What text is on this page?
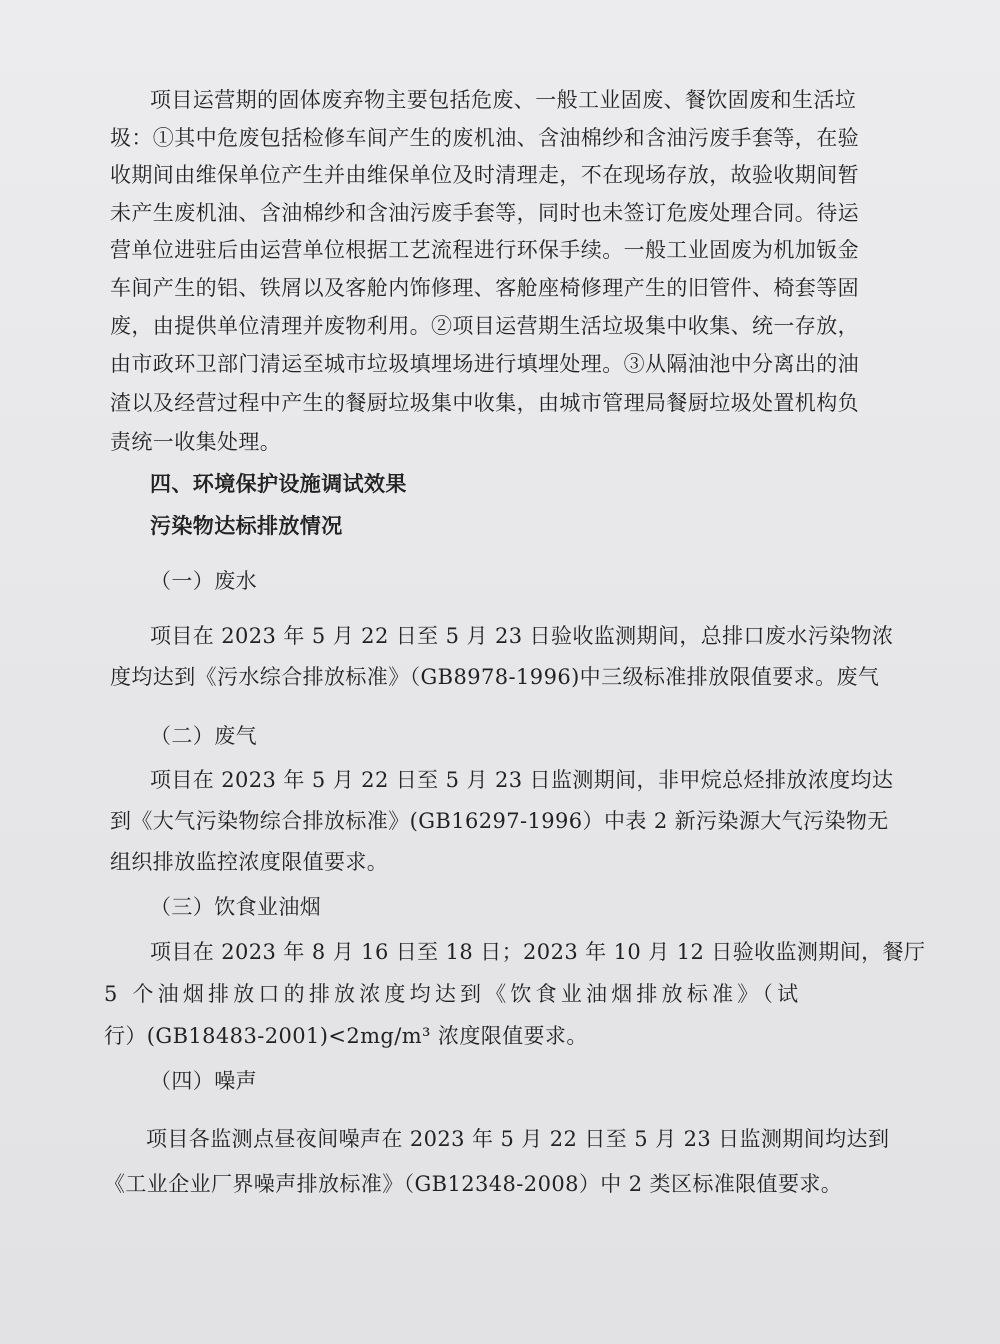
项目运营期的固体废弃物主要包括危废、一般工业固废、餐饮固废和生活垃
圾：①其中危废包括检修车间产生的废机油、含油棉纱和含油污废手套等，在验
收期间由维保单位产生并由维保单位及时清理走，不在现场存放，故验收期间暂
未产生废机油、含油棉纱和含油污废手套等，同时也未签订危废处理合同。待运
营单位进驻后由运营单位根据工艺流程进行环保手续。一般工业固废为机加钣金
车间产生的铝、铁屑以及客舱内饰修理、客舱座椅修理产生的旧管件、椅套等固
废，由提供单位清理并废物利用。②项目运营期生活垃圾集中收集、统一存放，
由市政环卫部门清运至城市垃圾填埋场进行填埋处理。③从隔油池中分离出的油
渣以及经营过程中产生的餐厨垃圾集中收集，由城市管理局餐厨垃圾处置机构负
责统一收集处理。
四、环境保护设施调试效果
污染物达标排放情况
（一）废水
项目在 2023 年 5 月 22 日至 5 月 23 日验收监测期间，总排口废水污染物浓
度均达到《污水综合排放标准》（GB8978-1996)中三级标准排放限值要求。废气
（二）废气
项目在 2023 年 5 月 22 日至 5 月 23 日监测期间，非甲烷总烃排放浓度均达
到《大气污染物综合排放标准》(GB16297-1996）中表 2 新污染源大气污染物无
组织排放监控浓度限值要求。
（三）饮食业油烟
项目在 2023 年 8 月 16 日至 18 日；2023 年 10 月 12 日验收监测期间，餐厅
5 个油烟排放口的排放浓度均达到《饮食业油烟排放标准》（试
行）(GB18483-2001)<2mg/m³ 浓度限值要求。
（四）噪声
项目各监测点昼夜间噪声在 2023 年 5 月 22 日至 5 月 23 日监测期间均达到
《工业企业厂界噪声排放标准》（GB12348-2008）中 2 类区标准限值要求。
